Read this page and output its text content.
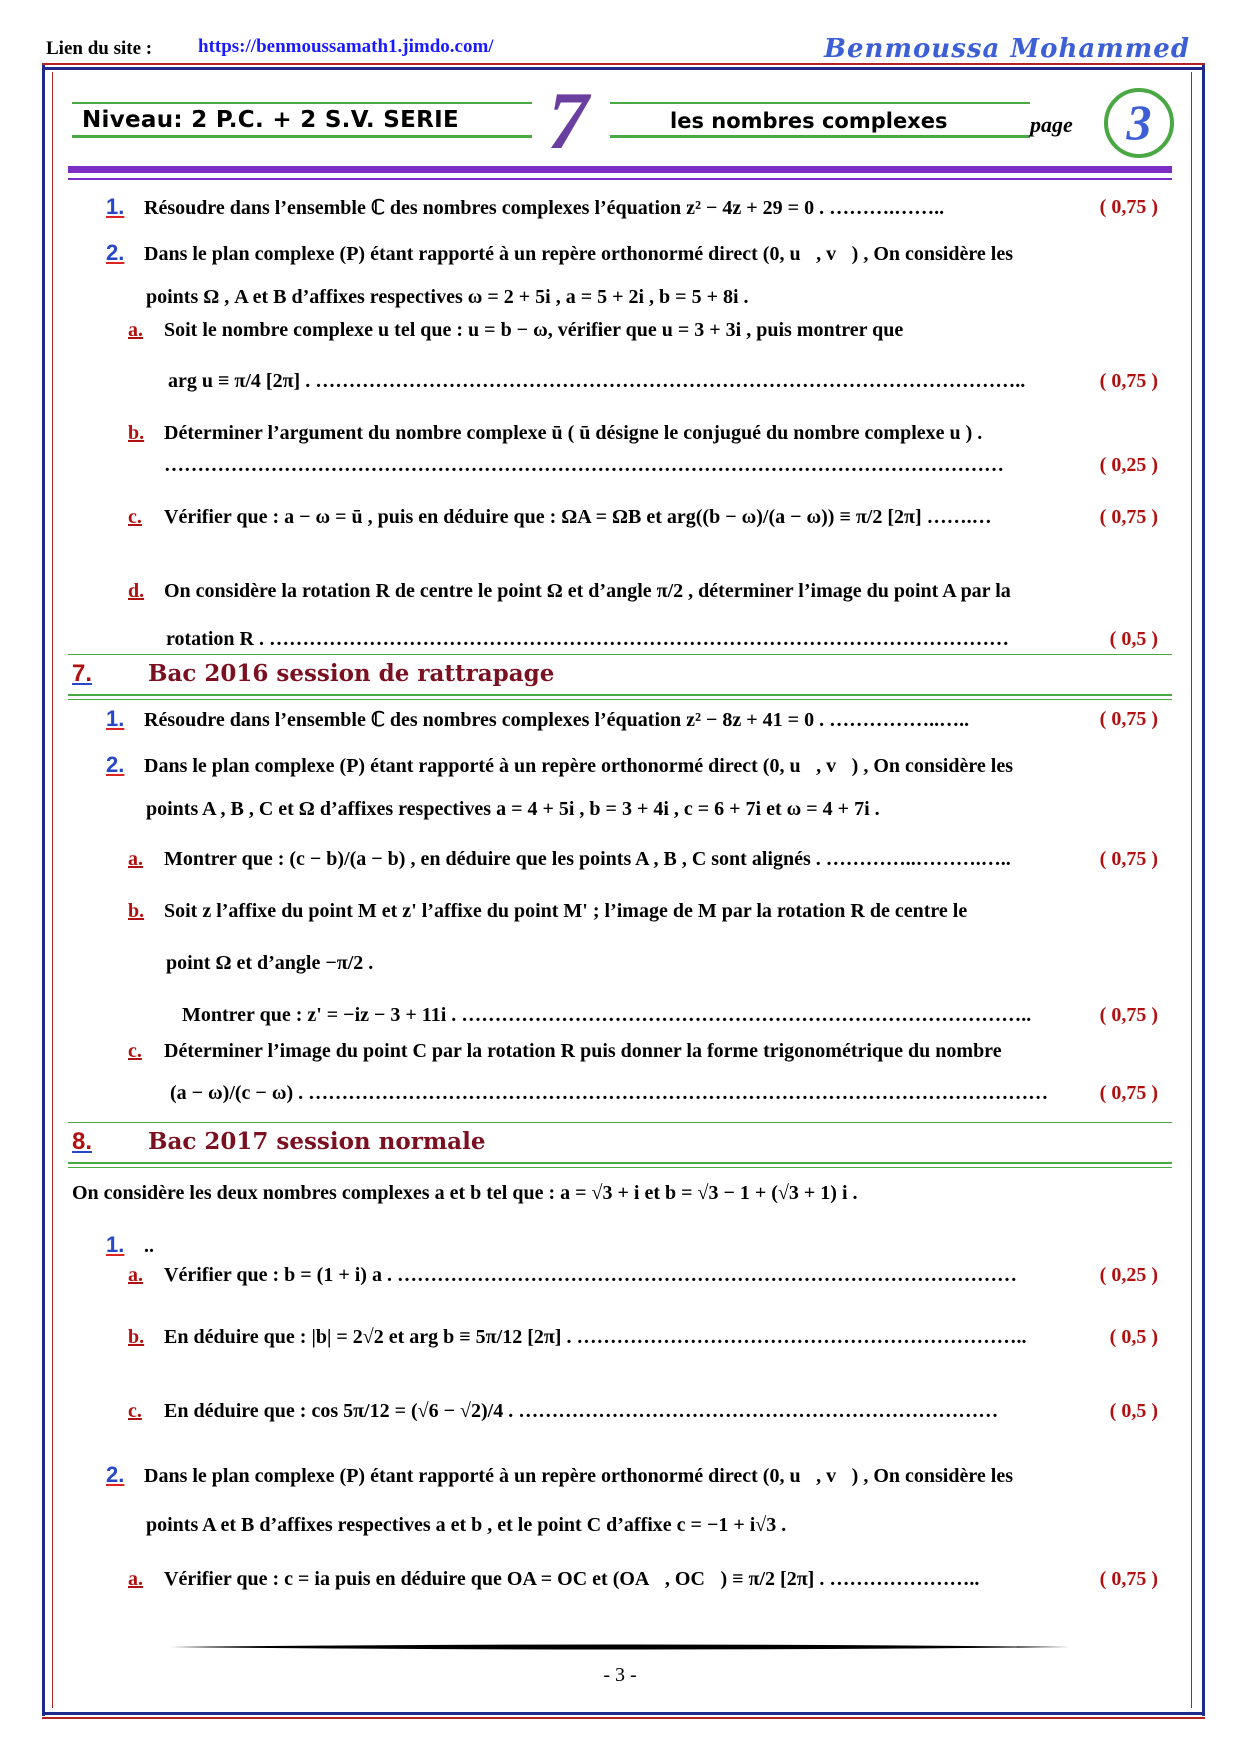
Lien du site : https://benmoussamath1.jimdo.com/	Benmoussa Mohammed
Niveau: 2 P.C. + 2 S.V. SERIE 7	les nombres complexes	page	3
1. Résoudre dans l’ensemble ℂ des nombres complexes l’équation z² − 4z + 29 = 0 . ……….……..	( 0,75 )
2. Dans le plan complexe (P) étant rapporté à un repère orthonormé direct (0, u⃗, v⃗) , On considère les
points Ω , A et B d’affixes respectives ω = 2 + 5i , a = 5 + 2i , b = 5 + 8i .
a. Soit le nombre complexe u tel que : u = b − ω, vérifier que u = 3 + 3i , puis montrer que
arg u ≡ π/4 [2π] . ……………………………………………………………………………………………..	( 0,75 )
b. Déterminer l’argument du nombre complexe ū ( ū désigne le conjugué du nombre complexe u ) .
………………………………………………………………………………………………………………	( 0,25 )
c. Vérifier que : a − ω = ū , puis en déduire que : ΩA = ΩB et arg((b − ω)/(a − ω)) ≡ π/2 [2π] …….…	( 0,75 )
d. On considère la rotation R de centre le point Ω et d’angle π/2 , déterminer l’image du point A par la
rotation R . …………………………………………………………………………………………………	( 0,5 )
7. Bac 2016 session de rattrapage
1. Résoudre dans l’ensemble ℂ des nombres complexes l’équation z² − 8z + 41 = 0 . ……………..…..	( 0,75 )
2. Dans le plan complexe (P) étant rapporté à un repère orthonormé direct (0, u⃗, v⃗) , On considère les
points A , B , C et Ω d’affixes respectives a = 4 + 5i , b = 3 + 4i , c = 6 + 7i et ω = 4 + 7i .
a. Montrer que : (c − b)/(a − b) , en déduire que les points A , B , C sont alignés . …………..……….…..	( 0,75 )
b. Soit z l’affixe du point M et z' l’affixe du point M' ; l’image de M par la rotation R de centre le
point Ω et d’angle −π/2 .
Montrer que : z' = −iz − 3 + 11i . …………………………………………………………………………..	( 0,75 )
c. Déterminer l’image du point C par la rotation R puis donner la forme trigonométrique du nombre
(a − ω)/(c − ω) . …………………………………………………………………………………………………	( 0,75 )
8. Bac 2017 session normale
On considère les deux nombres complexes a et b tel que : a = √3 + i et b = √3 − 1 + (√3 + 1) i .
1. ..
a. Vérifier que : b = (1 + i) a . …………………………………………………………………………………	( 0,25 )
b. En déduire que : |b| = 2√2 et arg b ≡ 5π/12 [2π] . …………………………………………………………..	( 0,5 )
c. En déduire que : cos 5π/12 = (√6 − √2)/4 . ………………………………………………………………	( 0,5 )
2. Dans le plan complexe (P) étant rapporté à un repère orthonormé direct (0, u⃗, v⃗) , On considère les
points A et B d’affixes respectives a et b , et le point C d’affixe c = −1 + i√3 .
a. Vérifier que : c = ia puis en déduire que OA = OC et (OA⃗, OC⃗) ≡ π/2 [2π] . …………………..	( 0,75 )
- 3 -
